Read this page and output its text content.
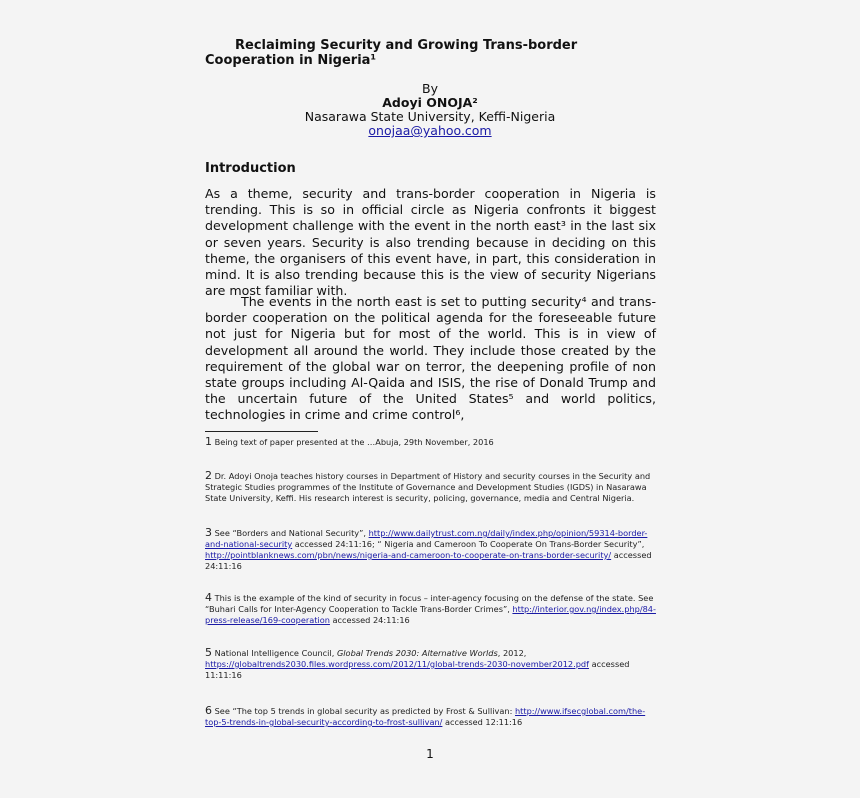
Reclaiming Security and Growing Trans-border Cooperation in Nigeria¹
By
Adoyi ONOJA²
Nasarawa State University, Keffi-Nigeria
onojaa@yahoo.com
Introduction
As a theme, security and trans-border cooperation in Nigeria is trending. This is so in official circle as Nigeria confronts it biggest development challenge with the event in the north east³ in the last six or seven years. Security is also trending because in deciding on this theme, the organisers of this event have, in part, this consideration in mind. It is also trending because this is the view of security Nigerians are most familiar with.
The events in the north east is set to putting security⁴ and trans-border cooperation on the political agenda for the foreseeable future not just for Nigeria but for most of the world. This is in view of development all around the world. They include those created by the requirement of the global war on terror, the deepening profile of non state groups including Al-Qaida and ISIS, the rise of Donald Trump and the uncertain future of the United States⁵ and world politics, technologies in crime and crime control⁶,
1 Being text of paper presented at the …Abuja, 29th November, 2016
2 Dr. Adoyi Onoja teaches history courses in Department of History and security courses in the Security and Strategic Studies programmes of the Institute of Governance and Development Studies (IGDS) in Nasarawa State University, Keffi. His research interest is security, policing, governance, media and Central Nigeria.
3 See “Borders and National Security”, http://www.dailytrust.com.ng/daily/index.php/opinion/59314-border-and-national-security accessed 24:11:16; “ Nigeria and Cameroon To Cooperate On Trans-Border Security”, http://pointblanknews.com/pbn/news/nigeria-and-cameroon-to-cooperate-on-trans-border-security/ accessed 24:11:16
4 This is the example of the kind of security in focus – inter-agency focusing on the defense of the state. See “Buhari Calls for Inter-Agency Cooperation to Tackle Trans-Border Crimes”, http://interior.gov.ng/index.php/84-press-release/169-cooperation accessed 24:11:16
5 National Intelligence Council, Global Trends 2030: Alternative Worlds, 2012, https://globaltrends2030.files.wordpress.com/2012/11/global-trends-2030-november2012.pdf accessed 11:11:16
6 See “The top 5 trends in global security as predicted by Frost & Sullivan: http://www.ifsecglobal.com/the-top-5-trends-in-global-security-according-to-frost-sullivan/ accessed 12:11:16
1
